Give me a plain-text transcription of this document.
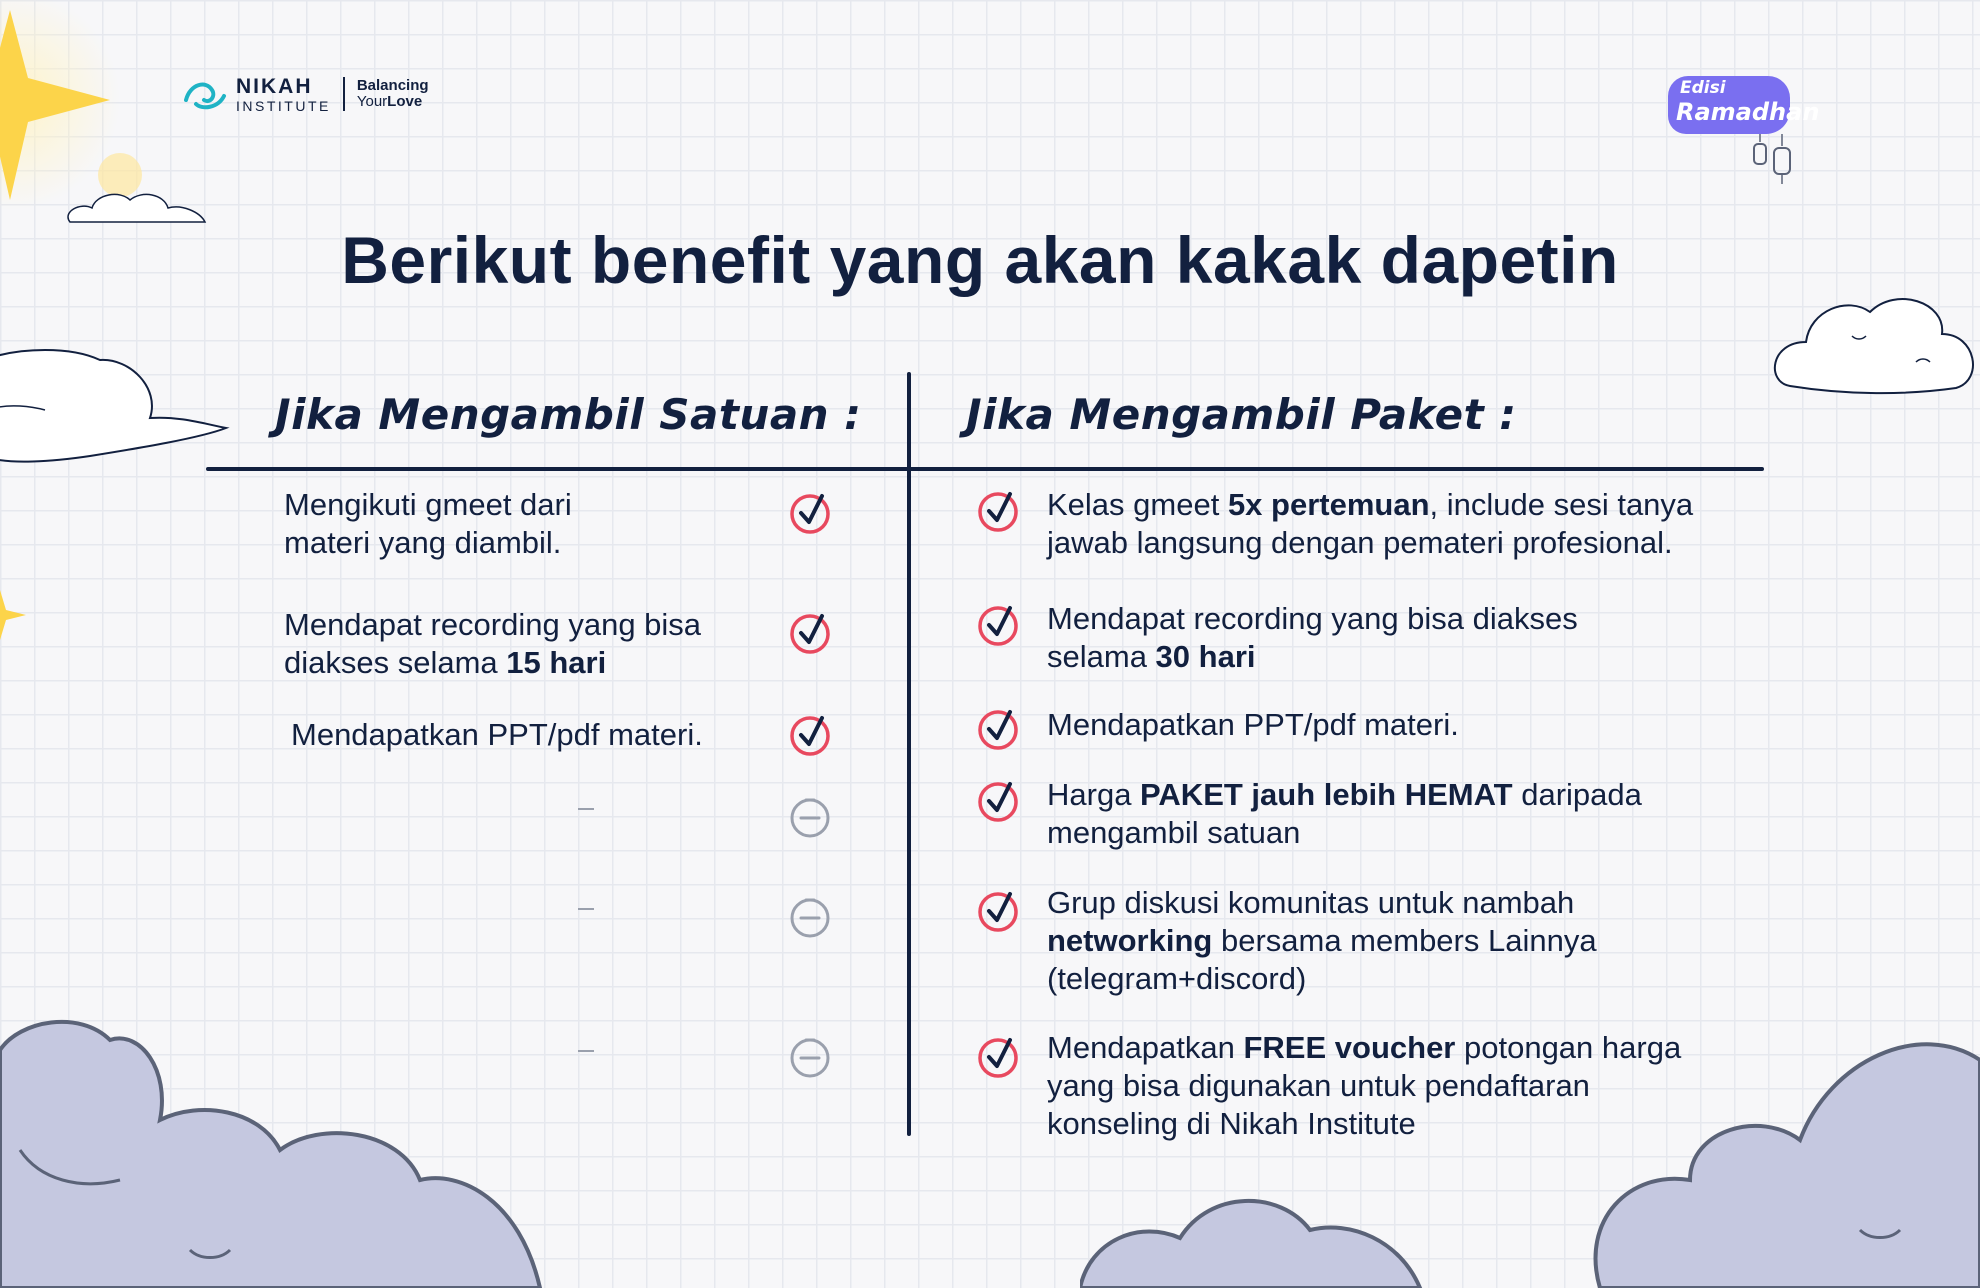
NIKAH
INSTITUTE
Balancing
YourLove
Edisi
Ramadhan
Berikut benefit yang akan kakak dapetin
Jika Mengambil Satuan : Jika Mengambil Paket :
Mengikuti gmeet dari
materi yang diambil.
Mendapat recording yang bisa
diakses selama 15 hari
Mendapatkan PPT/pdf materi.
Kelas gmeet 5x pertemuan, include sesi tanya
jawab langsung dengan pemateri profesional.
Mendapat recording yang bisa diakses
selama 30 hari
Mendapatkan PPT/pdf materi.
Harga PAKET jauh lebih HEMAT daripada
mengambil satuan
Grup diskusi komunitas untuk nambah
networking bersama members Lainnya
(telegram+discord)
Mendapatkan FREE voucher potongan harga
yang bisa digunakan untuk pendaftaran
konseling di Nikah Institute
